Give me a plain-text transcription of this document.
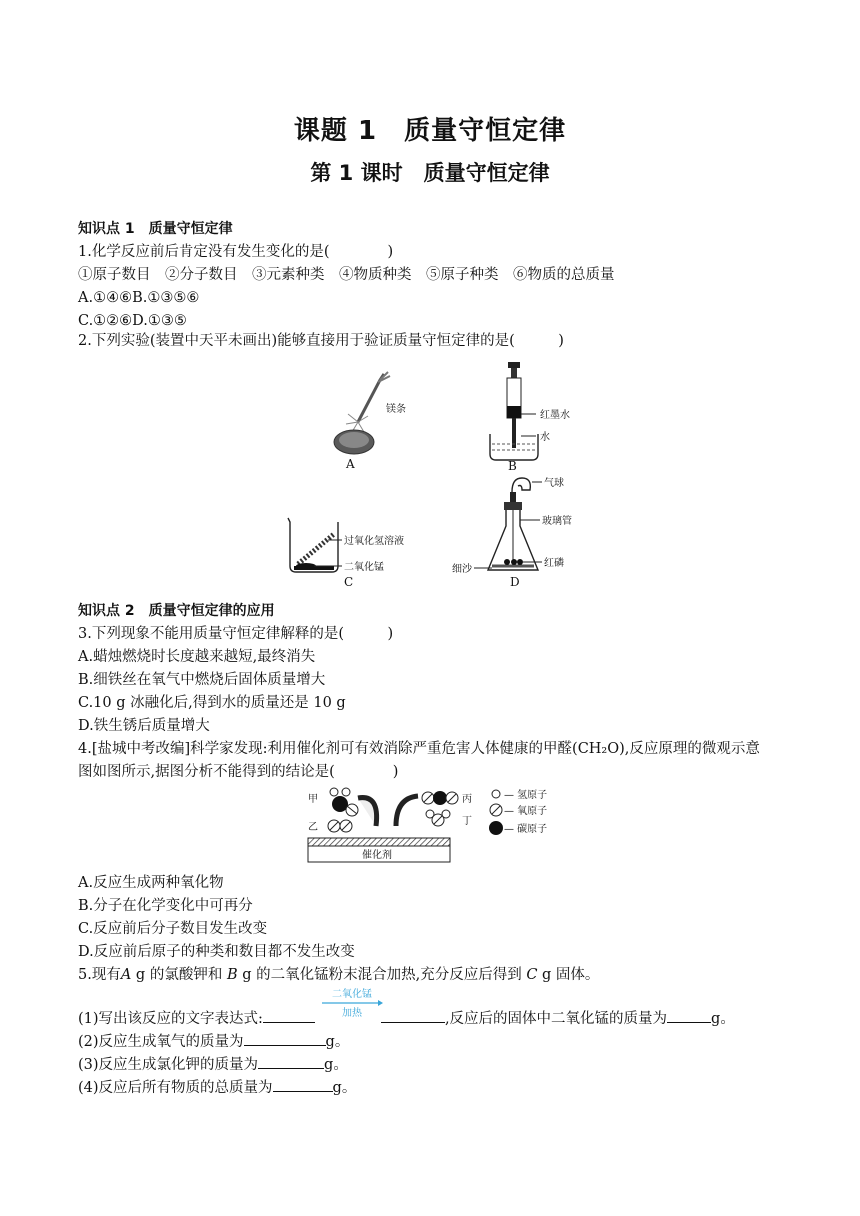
课题 1　质量守恒定律
第 1 课时　质量守恒定律
知识点 1　质量守恒定律
1.化学反应前后肯定没有发生变化的是(　　　　)
①原子数目　②分子数目　③元素种类　④物质种类　⑤原子种类　⑥物质的总质量
A.①④⑥B.①③⑤⑥
C.①②⑥D.①③⑤
2.下列实验(装置中天平未画出)能够直接用于验证质量守恒定律的是(　　　)
镁条
A
红墨水
水
B
过氧化氢溶液
二氧化锰
C
气球
玻璃管
红磷
细沙
D
知识点 2　质量守恒定律的应用
3.下列现象不能用质量守恒定律解释的是(　　　)
A.蜡烛燃烧时长度越来越短,最终消失
B.细铁丝在氧气中燃烧后固体质量增大
C.10 g 冰融化后,得到水的质量还是 10 g
D.铁生锈后质量增大
4.[盐城中考改编]科学家发现:利用催化剂可有效消除严重危害人体健康的甲醛(CH₂O),反应原理的微观示意
图如图所示,据图分析不能得到的结论是(　　　　)
甲
乙
丙
丁
催化剂
— 氢原子
— 氧原子
— 碳原子
A.反应生成两种氧化物
B.分子在化学变化中可再分
C.反应前后分子数目发生改变
D.反应前后原子的种类和数目都不发生改变
5.现有A g 的氯酸钾和 B g 的二氧化锰粉末混合加热,充分反应后得到 C g 固体。
二氧化锰
加热
(1)写出该反应的文字表达式:	,反应后的固体中二氧化锰的质量为	g。
(2)反应生成氧气的质量为	g。
(3)反应生成氯化钾的质量为	g。
(4)反应后所有物质的总质量为	g。
